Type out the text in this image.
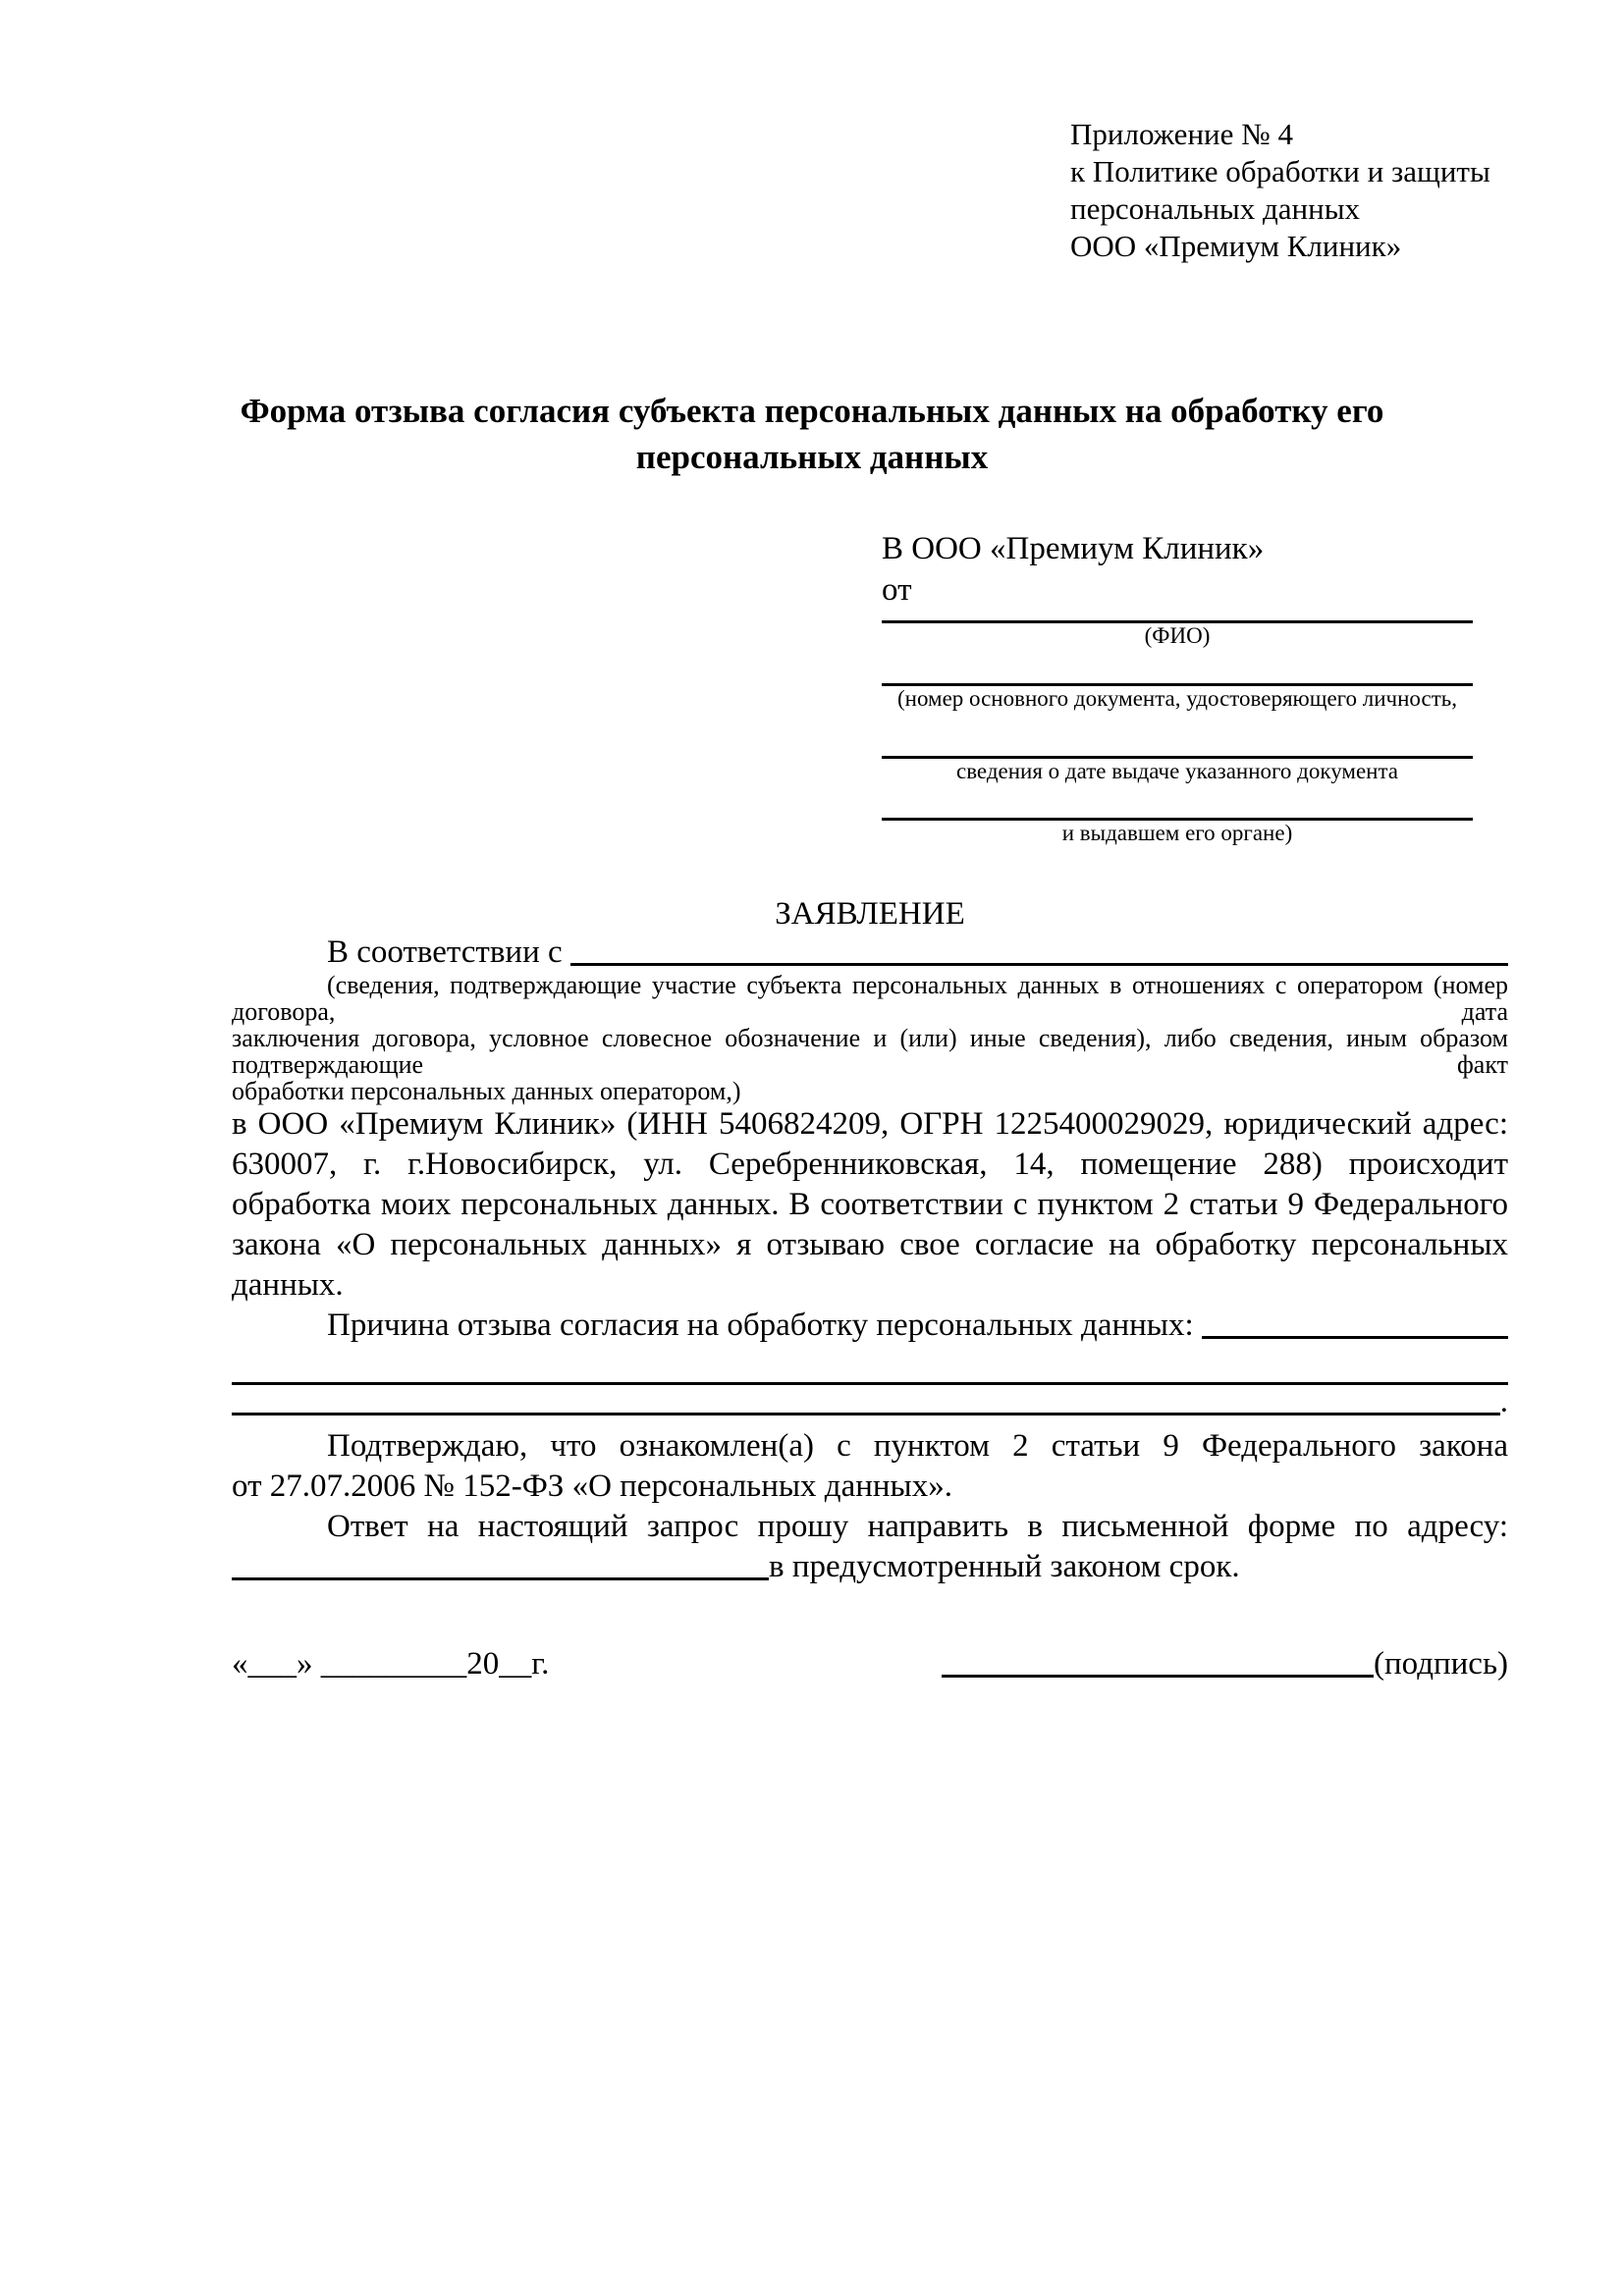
Приложение № 4
к Политике обработки и защиты
персональных данных
ООО «Премиум Клиник»
Форма отзыва согласия субъекта персональных данных на обработку его персональных данных
В ООО «Премиум Клиник»
от
(ФИО)
(номер основного документа, удостоверяющего личность,
сведения о дате выдаче указанного документа
и выдавшем его органе)
ЗАЯВЛЕНИЕ
В соответствии с
(сведения, подтверждающие участие субъекта персональных данных в отношениях с оператором (номер договора, дата
заключения договора, условное словесное обозначение и (или) иные сведения), либо сведения, иным образом подтверждающие факт
обработки персональных данных оператором,)
в ООО «Премиум Клиник» (ИНН 5406824209, ОГРН 1225400029029, юридический адрес:
630007, г. г.Новосибирск, ул. Серебренниковская, 14, помещение 288) происходит
обработка моих персональных данных. В соответствии с пунктом 2 статьи 9 Федерального
закона «О персональных данных» я отзываю свое согласие на обработку персональных
данных.
Причина отзыва согласия на обработку персональных данных:
.
Подтверждаю, что ознакомлен(а) с пунктом 2 статьи 9 Федерального закона
от 27.07.2006 № 152-ФЗ «О персональных данных».
Ответ на настоящий запрос прошу направить в письменной форме по адресу:
в предусмотренный законом срок.
«___» _________20__г.	(подпись)
